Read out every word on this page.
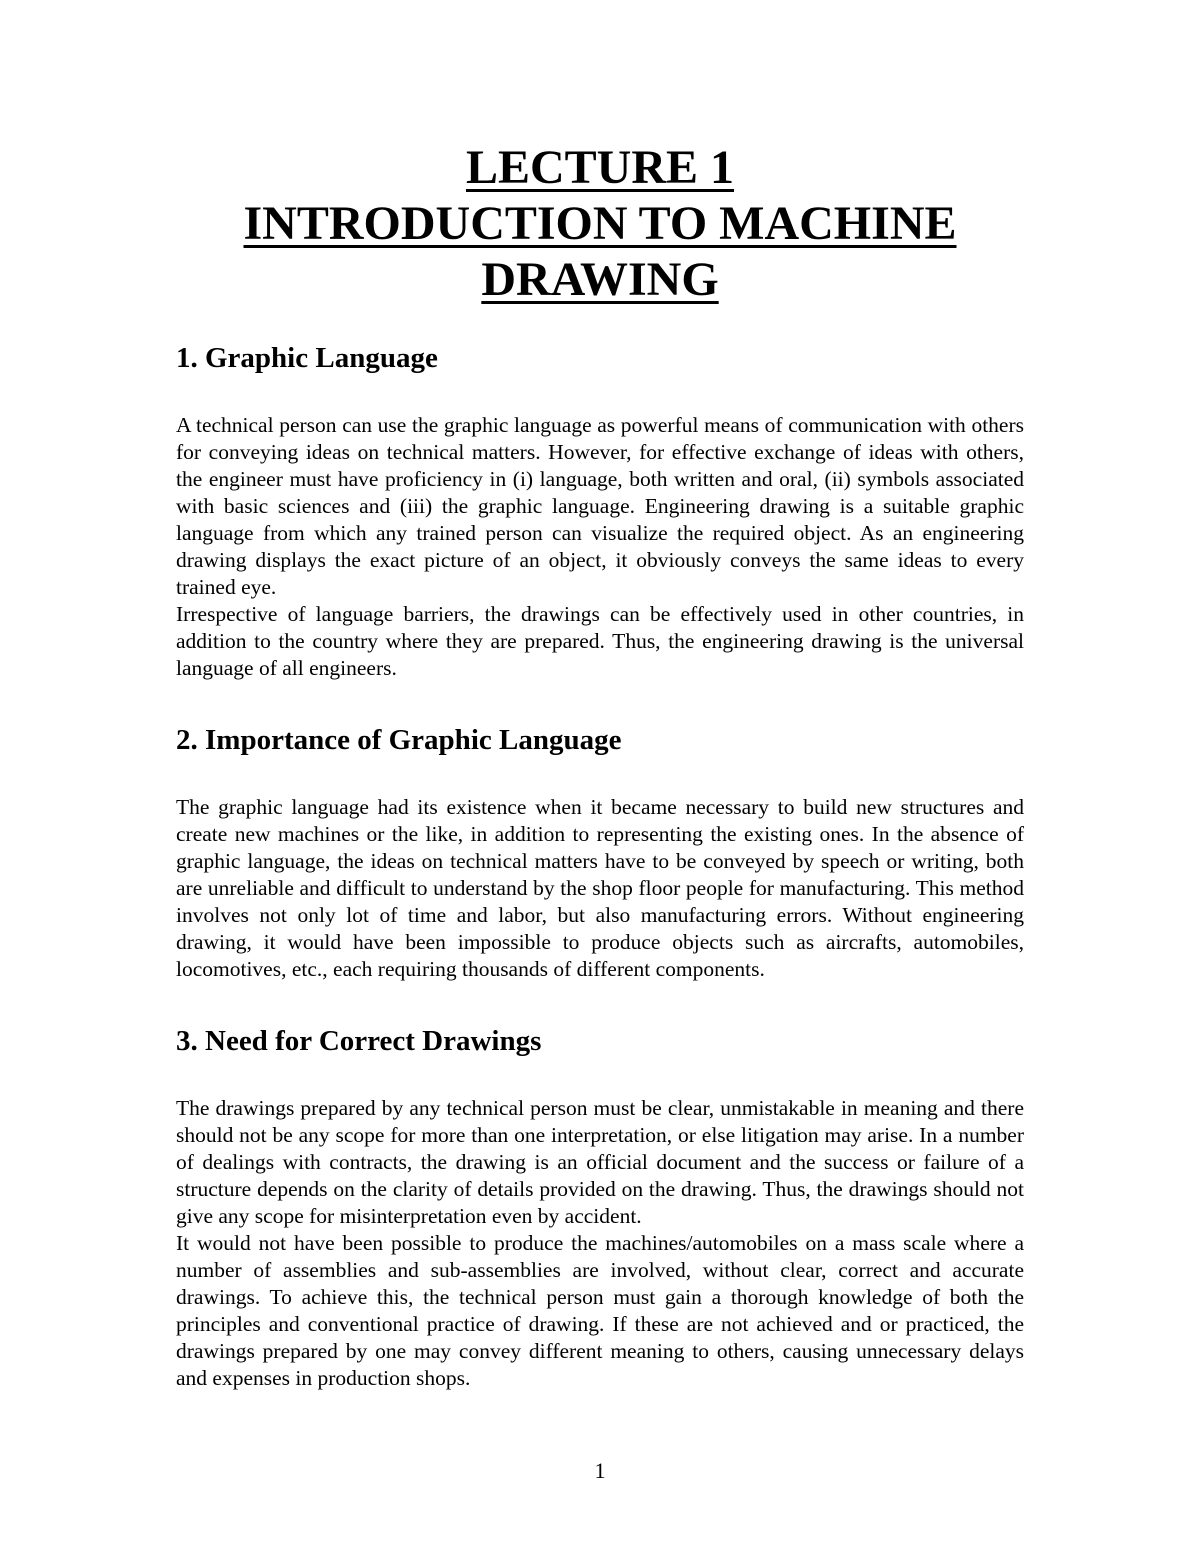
LECTURE 1
INTRODUCTION TO MACHINE
DRAWING
1. Graphic Language

A technical person can use the graphic language as powerful means of communication with others for conveying ideas on technical matters. However, for effective exchange of ideas with others, the engineer must have proficiency in (i) language, both written and oral, (ii) symbols associated with basic sciences and (iii) the graphic language. Engineering drawing is a suitable graphic language from which any trained person can visualize the required object. As an engineering drawing displays the exact picture of an object, it obviously conveys the same ideas to every trained eye.

Irrespective of language barriers, the drawings can be effectively used in other countries, in addition to the country where they are prepared. Thus, the engineering drawing is the universal language of all engineers.

2. Importance of Graphic Language

The graphic language had its existence when it became necessary to build new structures and create new machines or the like, in addition to representing the existing ones. In the absence of graphic language, the ideas on technical matters have to be conveyed by speech or writing, both are unreliable and difficult to understand by the shop floor people for manufacturing. This method involves not only lot of time and labor, but also manufacturing errors. Without engineering drawing, it would have been impossible to produce objects such as aircrafts, automobiles, locomotives, etc., each requiring thousands of different components.

3. Need for Correct Drawings

The drawings prepared by any technical person must be clear, unmistakable in meaning and there should not be any scope for more than one interpretation, or else litigation may arise. In a number of dealings with contracts, the drawing is an official document and the success or failure of a structure depends on the clarity of details provided on the drawing. Thus, the drawings should not give any scope for misinterpretation even by accident.

It would not have been possible to produce the machines/automobiles on a mass scale where a number of assemblies and sub-assemblies are involved, without clear, correct and accurate drawings. To achieve this, the technical person must gain a thorough knowledge of both the principles and conventional practice of drawing. If these are not achieved and or practiced, the drawings prepared by one may convey different meaning to others, causing unnecessary delays and expenses in production shops.

1
